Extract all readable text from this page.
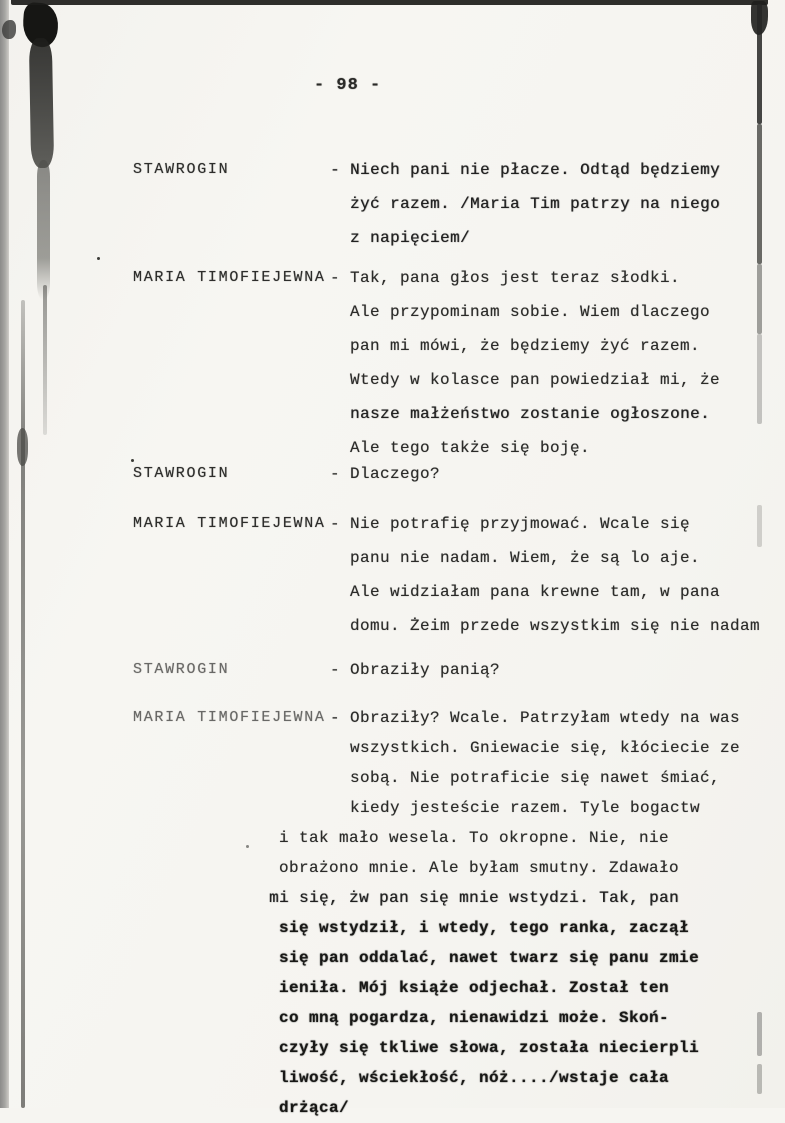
- 98 -
STAWROGIN	- Niech pani nie płacze. Odtąd będziemy
żyć razem. /Maria Tim patrzy na niego
z napięciem/
MARIA TIMOFIEJEWNA - Tak, pana głos jest teraz słodki.
Ale przypominam sobie. Wiem dlaczego
pan mi mówi, że będziemy żyć razem.
Wtedy w kolasce pan powiedział mi, że
nasze małżeństwo zostanie ogłoszone.
Ale tego także się boję.
STAWROGIN	- Dlaczego?
MARIA TIMOFIEJEWNA - Nie potrafię przyjmować. Wcale się
panu nie nadam. Wiem, że są lo aje.
Ale widziałam pana krewne tam, w pana
domu. Żeim przede wszystkim się nie nadam
STAWROGIN	- Obraziły panią?
MARIA TIMOFIEJEWNA - Obraziły? Wcale. Patrzyłam wtedy na was
wszystkich. Gniewacie się, kłóciecie ze
sobą. Nie potraficie się nawet śmiać,
kiedy jesteście razem. Tyle bogactw
i tak mało wesela. To okropne. Nie, nie
obrażono mnie. Ale byłam smutny. Zdawało
mi się, żw pan się mnie wstydzi. Tak, pan
się wstydził, i wtedy, tego ranka, zaczął
się pan oddalać, nawet twarz się panu zmie
ieniła. Mój książe odjechał. Został ten
co mną pogardza, nienawidzi może. Skoń-
czyły się tkliwe słowa, została niecierpli
liwość, wściekłość, nóż..../wstaje cała
drżąca/
